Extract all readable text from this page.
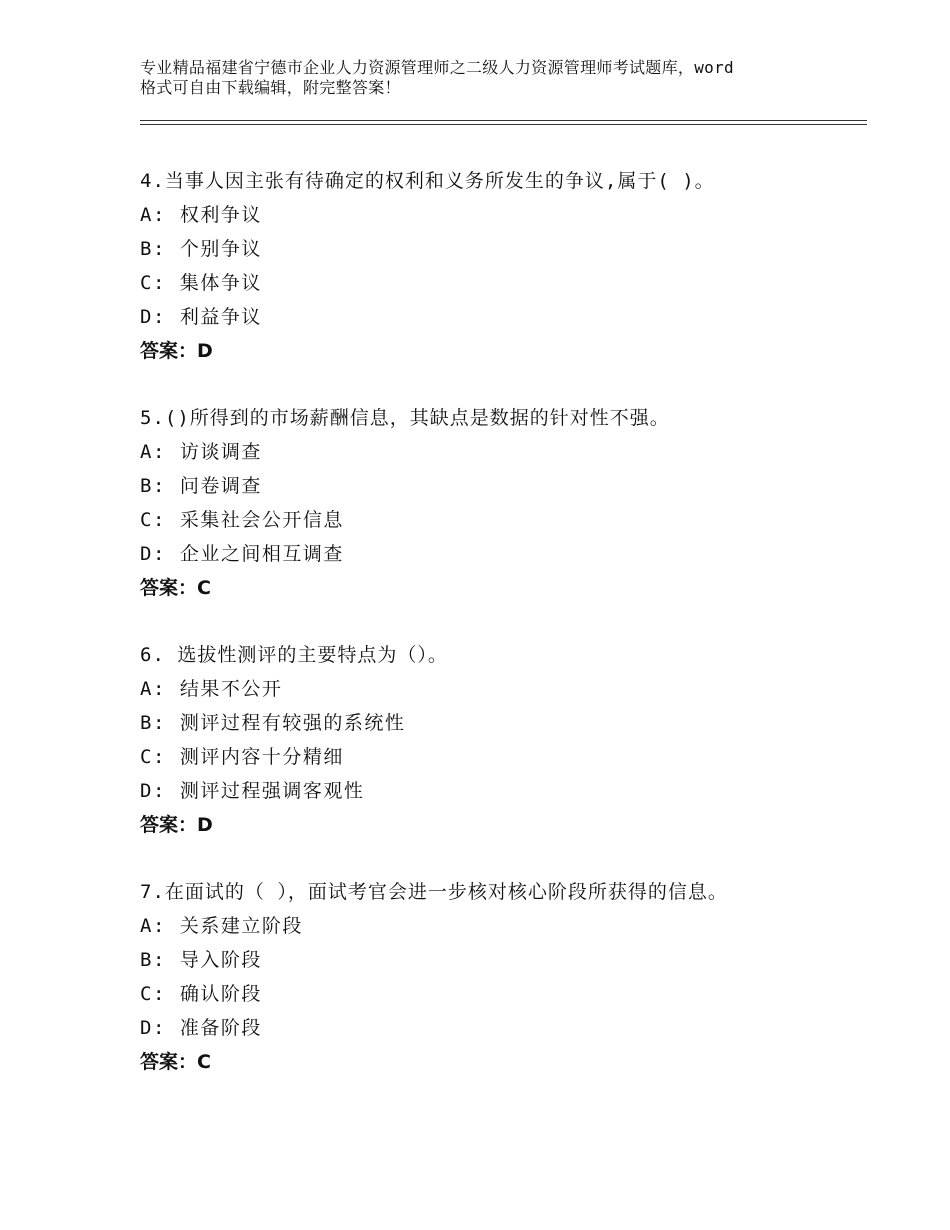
专业精品福建省宁德市企业人力资源管理师之二级人力资源管理师考试题库，word
格式可自由下载编辑，附完整答案！
4.当事人因主张有待确定的权利和义务所发生的争议,属于( )。
A: 权利争议
B: 个别争议
C: 集体争议
D: 利益争议
答案：D
5.()所得到的市场薪酬信息，其缺点是数据的针对性不强。
A: 访谈调查
B: 问卷调查
C: 采集社会公开信息
D: 企业之间相互调查
答案：C
6. 选拔性测评的主要特点为（）。
A: 结果不公开
B: 测评过程有较强的系统性
C: 测评内容十分精细
D: 测评过程强调客观性
答案：D
7.在面试的（ ），面试考官会进一步核对核心阶段所获得的信息。
A: 关系建立阶段
B: 导入阶段
C: 确认阶段
D: 准备阶段
答案：C
